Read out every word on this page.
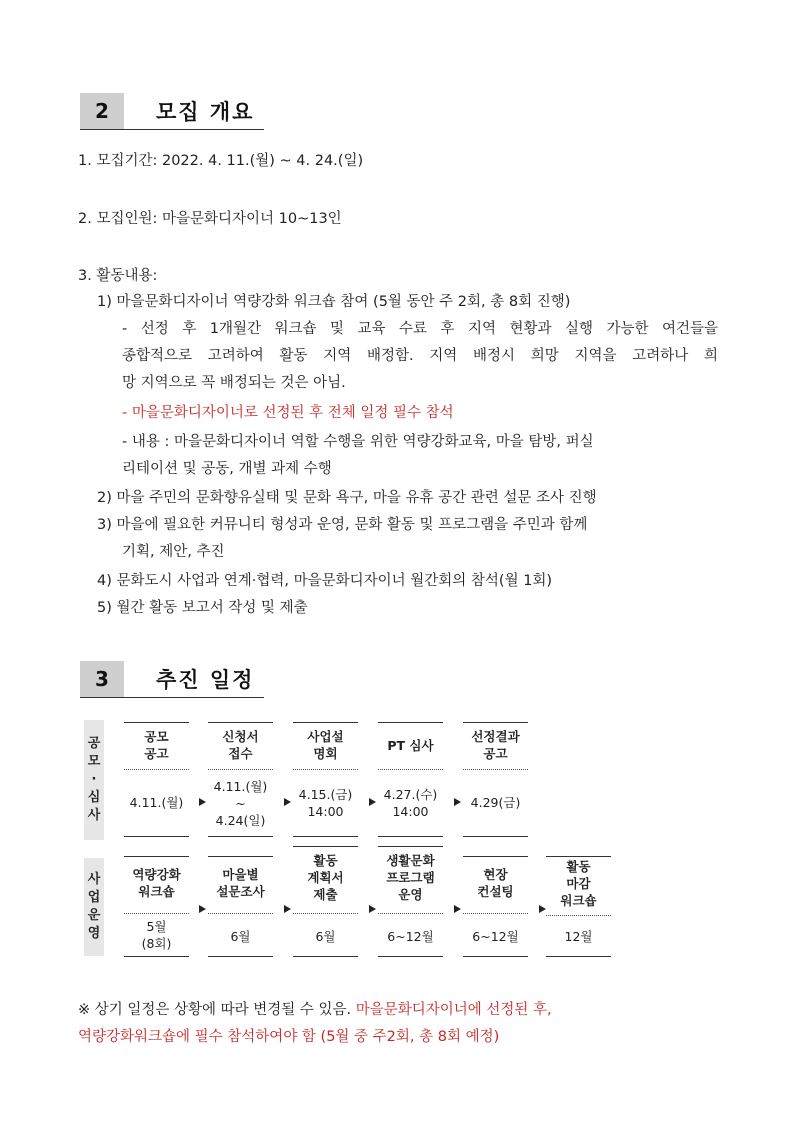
2	모집 개요
1. 모집기간: 2022. 4. 11.(월) ~ 4. 24.(일)
2. 모집인원: 마을문화디자이너 10~13인
3. 활동내용:
1) 마을문화디자이너 역량강화 워크숍 참여 (5월 동안 주 2회, 총 8회 진행)
- 선정 후 1개월간 워크숍 및 교육 수료 후 지역 현황과 실행 가능한 여건들을
종합적으로 고려하여 활동 지역 배정함. 지역 배정시 희망 지역을 고려하나 희
망 지역으로 꼭 배정되는 것은 아님.
- 마을문화디자이너로 선정된 후 전체 일정 필수 참석
- 내용 : 마을문화디자이너 역할 수행을 위한 역량강화교육, 마을 탐방, 퍼실
리테이션 및 공동, 개별 과제 수행
2) 마을 주민의 문화향유실태 및 문화 욕구, 마을 유휴 공간 관련 설문 조사 진행
3) 마을에 필요한 커뮤니티 형성과 운영, 문화 활동 및 프로그램을 주민과 함께
기획, 제안, 추진
4) 문화도시 사업과 연계·협력, 마을문화디자이너 월간회의 참석(월 1회)
5) 월간 활동 보고서 작성 및 제출
3	추진 일정
공
모
·
심
사
공모
공고
4.11.(월)
신청서
접수
4.11.(월)
~
4.24(일)
사업설
명회
4.15.(금)
14:00
PT 심사
4.27.(수)
14:00
선정결과
공고
4.29(금)
사
업
운
영
역량강화
워크숍
5월
(8회)
마을별
설문조사
6월
활동
계획서
제출
6월
생활문화
프로그램
운영
6~12월
현장
컨설팅
6~12월
활동
마감
워크숍
12월
※ 상기 일정은 상황에 따라 변경될 수 있음. 마을문화디자이너에 선정된 후,
역량강화워크숍에 필수 참석하여야 함 (5월 중 주2회, 총 8회 예정)
